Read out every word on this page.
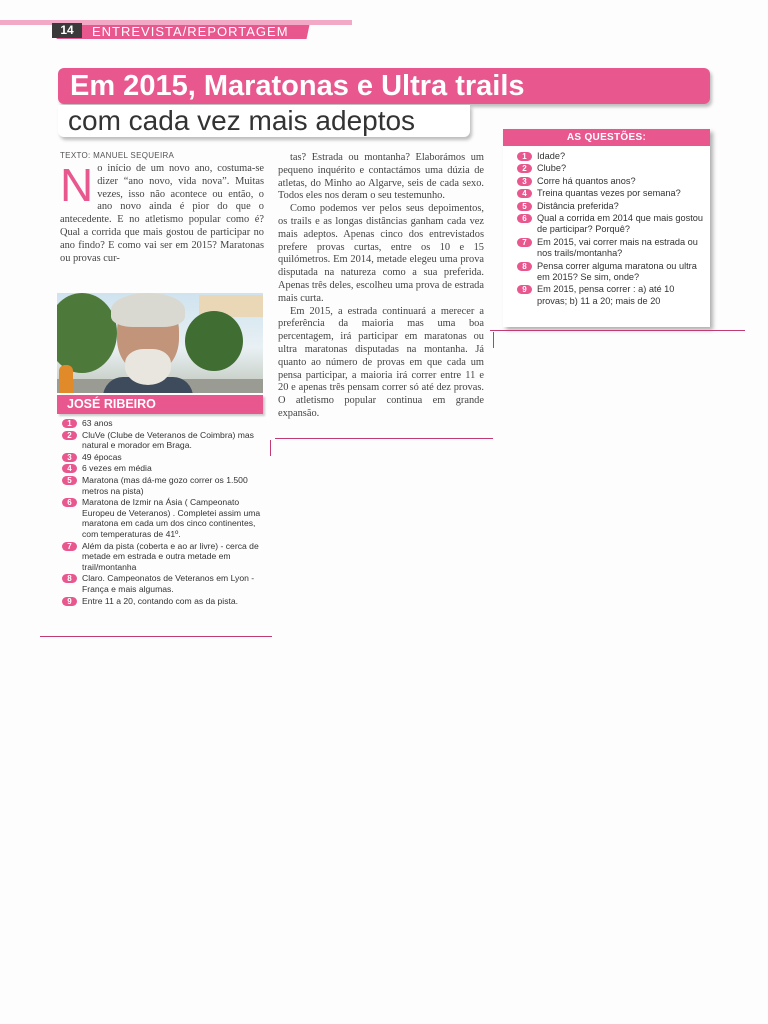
14	ENTREVISTA/REPORTAGEM
Em 2015, Maratonas e Ultra trails
com cada vez mais adeptos
TEXTO: MANUEL SEQUEIRA
N o início de um novo ano, costuma-se dizer “ano novo, vida nova”. Muitas vezes, isso não acontece ou então, o ano novo ainda é pior do que o antecedente. E no atletismo popular como é? Qual a corrida que mais gostou de participar no ano findo? E como vai ser em 2015? Maratonas ou provas cur-

tas? Estrada ou montanha? Elaborámos um pequeno inquérito e contactámos uma dúzia de atletas, do Minho ao Algarve, seis de cada sexo. Todos eles nos deram o seu testemunho.

Como podemos ver pelos seus depoimentos, os trails e as longas distâncias ganham cada vez mais adeptos. Apenas cinco dos entrevistados prefere provas curtas, entre os 10 e 15 quilómetros. Em 2014, metade elegeu uma prova disputada na natureza como a sua preferida. Apenas três deles, escolheu uma prova de estrada mais curta.

Em 2015, a estrada continuará a merecer a preferência da maioria mas uma boa percentagem, irá participar em maratonas ou ultra maratonas disputadas na montanha. Já quanto ao número de provas em que cada um pensa participar, a maioria irá correr entre 11 e 20 e apenas três pensam correr só até dez provas. O atletismo popular continua em grande expansão.

JOSÉ RIBEIRO
1	63 anos
2	CluVe (Clube de Veteranos de Coimbra) mas natural e morador em Braga.
3	49 épocas
4	6 vezes em média
5	Maratona (mas dá-me gozo correr os 1.500 metros na pista)
6	Maratona de Izmir na Ásia ( Campeonato Europeu de Veteranos) . Completei assim uma maratona em cada um dos cinco continentes, com temperaturas de 41º.
7	Além da pista (coberta e ao ar livre) - cerca de metade em estrada e outra metade em trail/montanha
8	Claro. Campeonatos de Veteranos em Lyon - França e mais algumas.
9	Entre 11 a 20, contando com as da pista.
AS QUESTÕES:
1	Idade?
2	Clube?
3	Corre há quantos anos?
4	Treina quantas vezes por semana?
5	Distância preferida?
6	Qual a corrida em 2014 que mais gostou de participar? Porquê?
7	Em 2015, vai correr mais na estrada ou nos trails/montanha?
8	Pensa correr alguma maratona ou ultra em 2015? Se sim, onde?
9	Em 2015, pensa correr : a) até 10 provas; b) 11 a 20; mais de 20
